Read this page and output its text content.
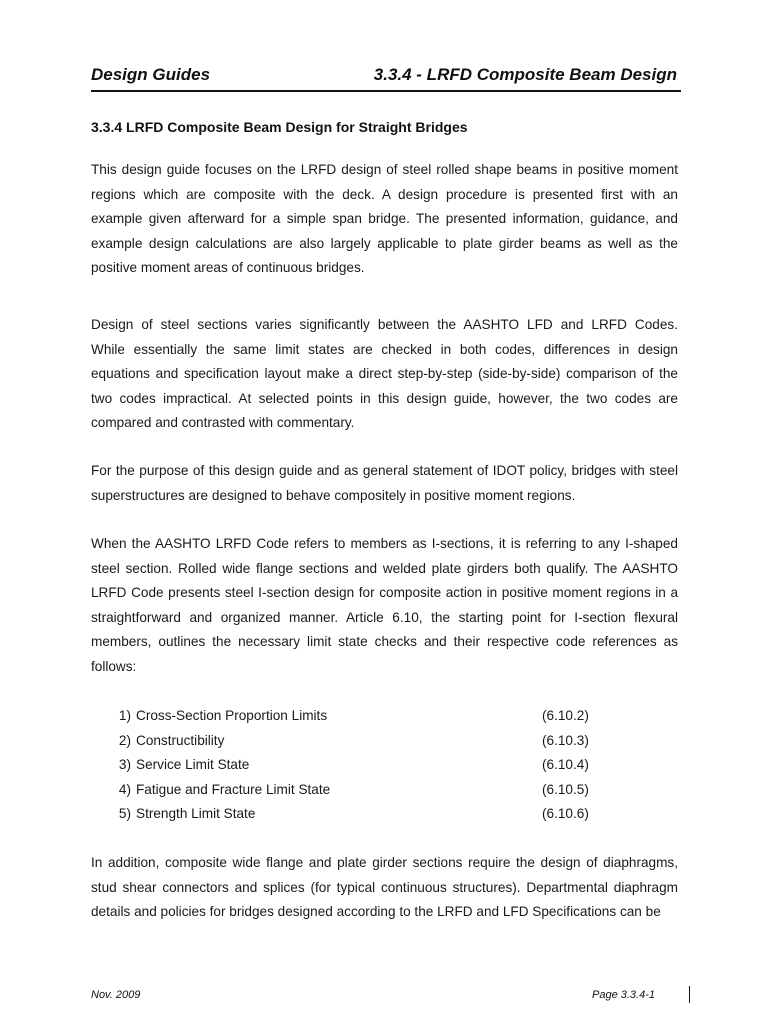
Design Guides	3.3.4 - LRFD Composite Beam Design
3.3.4 LRFD Composite Beam Design for Straight Bridges
This design guide focuses on the LRFD design of steel rolled shape beams in positive moment
regions which are composite with the deck. A design procedure is presented first with an
example given afterward for a simple span bridge. The presented information, guidance, and
example design calculations are also largely applicable to plate girder beams as well as the
positive moment areas of continuous bridges.
Design of steel sections varies significantly between the AASHTO LFD and LRFD Codes.
While essentially the same limit states are checked in both codes, differences in design
equations and specification layout make a direct step-by-step (side-by-side) comparison of the
two codes impractical. At selected points in this design guide, however, the two codes are
compared and contrasted with commentary.
For the purpose of this design guide and as general statement of IDOT policy, bridges with steel
superstructures are designed to behave compositely in positive moment regions.
When the AASHTO LRFD Code refers to members as I-sections, it is referring to any I-shaped
steel section. Rolled wide flange sections and welded plate girders both qualify. The AASHTO
LRFD Code presents steel I-section design for composite action in positive moment regions in a
straightforward and organized manner. Article 6.10, the starting point for I-section flexural
members, outlines the necessary limit state checks and their respective code references as
follows:
1) Cross-Section Proportion Limits	(6.10.2)
2) Constructibility	(6.10.3)
3) Service Limit State	(6.10.4)
4) Fatigue and Fracture Limit State	(6.10.5)
5) Strength Limit State	(6.10.6)
In addition, composite wide flange and plate girder sections require the design of diaphragms,
stud shear connectors and splices (for typical continuous structures). Departmental diaphragm
details and policies for bridges designed according to the LRFD and LFD Specifications can be
Nov. 2009	Page 3.3.4-1
